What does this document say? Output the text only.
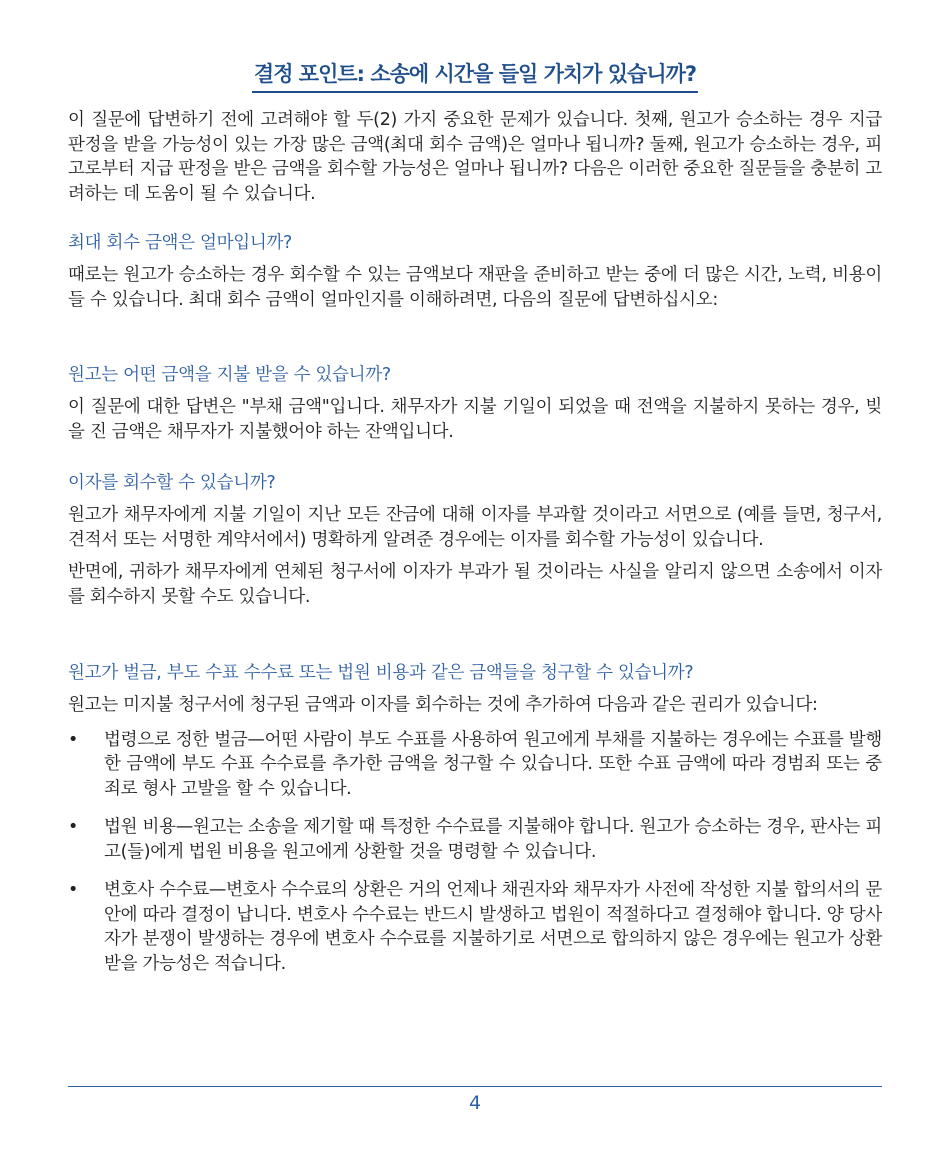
결정 포인트: 소송에 시간을 들일 가치가 있습니까?

이 질문에 답변하기 전에 고려해야 할 두(2) 가지 중요한 문제가 있습니다. 첫째, 원고가 승소하는 경우 지급 판정을 받을 가능성이 있는 가장 많은 금액(최대 회수 금액)은 얼마나 됩니까? 둘째, 원고가 승소하는 경우, 피고로부터 지급 판정을 받은 금액을 회수할 가능성은 얼마나 됩니까? 다음은 이러한 중요한 질문들을 충분히 고려하는 데 도움이 될 수 있습니다.

최대 회수 금액은 얼마입니까?

때로는 원고가 승소하는 경우 회수할 수 있는 금액보다 재판을 준비하고 받는 중에 더 많은 시간, 노력, 비용이 들 수 있습니다. 최대 회수 금액이 얼마인지를 이해하려면, 다음의 질문에 답변하십시오:

원고는 어떤 금액을 지불 받을 수 있습니까?

이 질문에 대한 답변은 "부채 금액"입니다. 채무자가 지불 기일이 되었을 때 전액을 지불하지 못하는 경우, 빚을 진 금액은 채무자가 지불했어야 하는 잔액입니다.

이자를 회수할 수 있습니까?

원고가 채무자에게 지불 기일이 지난 모든 잔금에 대해 이자를 부과할 것이라고 서면으로 (예를 들면, 청구서, 견적서 또는 서명한 계약서에서) 명확하게 알려준 경우에는 이자를 회수할 가능성이 있습니다.

반면에, 귀하가 채무자에게 연체된 청구서에 이자가 부과가 될 것이라는 사실을 알리지 않으면 소송에서 이자를 회수하지 못할 수도 있습니다.

원고가 벌금, 부도 수표 수수료 또는 법원 비용과 같은 금액들을 청구할 수 있습니까?

원고는 미지불 청구서에 청구된 금액과 이자를 회수하는 것에 추가하여 다음과 같은 권리가 있습니다:

• 법령으로 정한 벌금—어떤 사람이 부도 수표를 사용하여 원고에게 부채를 지불하는 경우에는 수표를 발행한 금액에 부도 수표 수수료를 추가한 금액을 청구할 수 있습니다. 또한 수표 금액에 따라 경범죄 또는 중죄로 형사 고발을 할 수 있습니다.
• 법원 비용—원고는 소송을 제기할 때 특정한 수수료를 지불해야 합니다. 원고가 승소하는 경우, 판사는 피고(들)에게 법원 비용을 원고에게 상환할 것을 명령할 수 있습니다.
• 변호사 수수료—변호사 수수료의 상환은 거의 언제나 채권자와 채무자가 사전에 작성한 지불 합의서의 문안에 따라 결정이 납니다. 변호사 수수료는 반드시 발생하고 법원이 적절하다고 결정해야 합니다. 양 당사자가 분쟁이 발생하는 경우에 변호사 수수료를 지불하기로 서면으로 합의하지 않은 경우에는 원고가 상환 받을 가능성은 적습니다.
4
